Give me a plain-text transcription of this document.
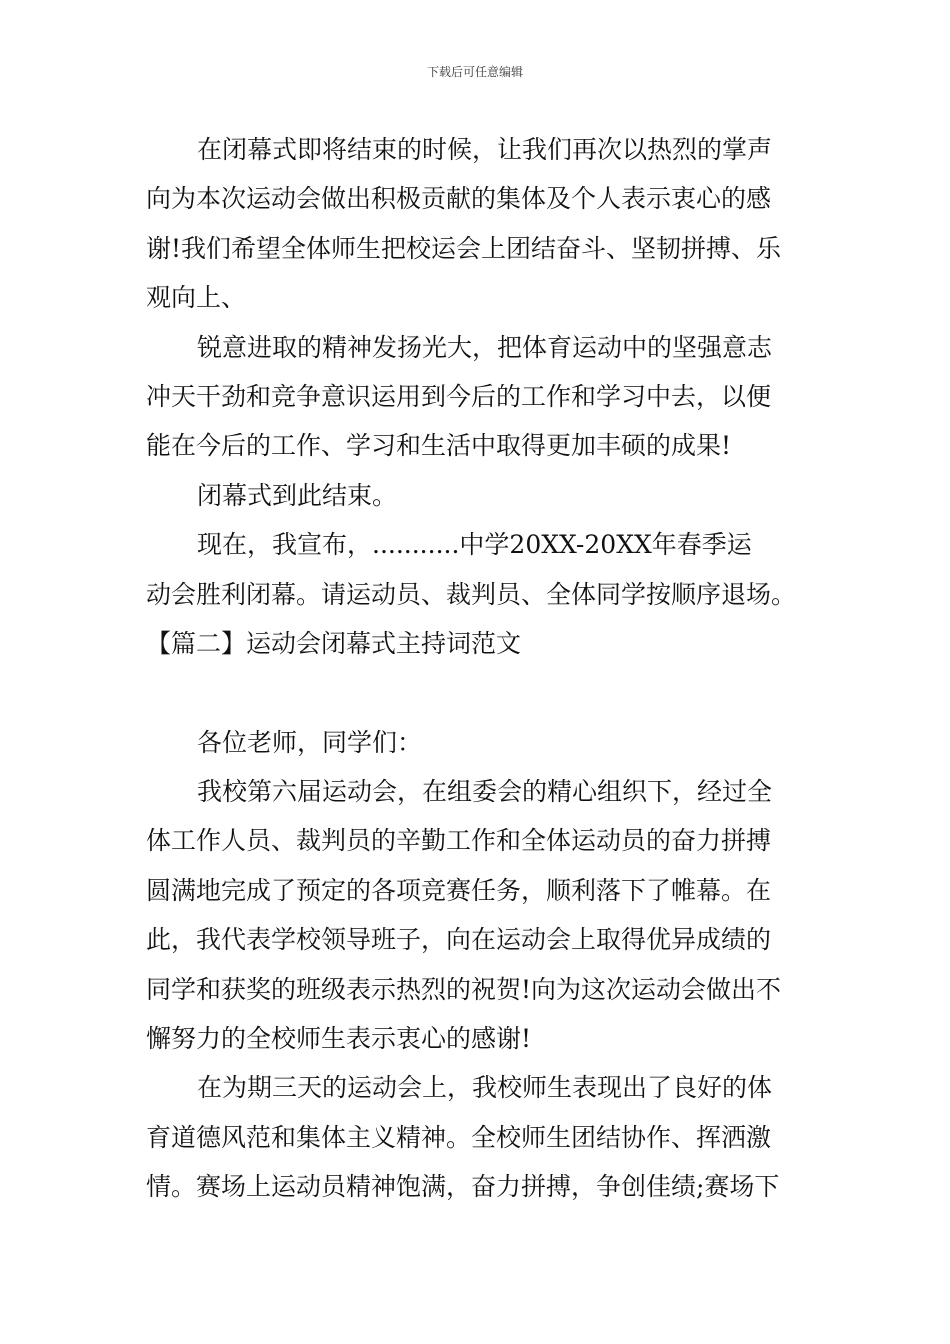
下载后可任意编辑
在闭幕式即将结束的时候，让我们再次以热烈的掌声
向为本次运动会做出积极贡献的集体及个人表示衷心的感
谢!我们希望全体师生把校运会上团结奋斗、坚韧拼搏、乐
观向上、
锐意进取的精神发扬光大，把体育运动中的坚强意志
冲天干劲和竞争意识运用到今后的工作和学习中去，以便
能在今后的工作、学习和生活中取得更加丰硕的成果!
闭幕式到此结束。
现在，我宣布，...........中学20XX-20XX年春季运
动会胜利闭幕。请运动员、裁判员、全体同学按顺序退场。
【篇二】运动会闭幕式主持词范文
各位老师，同学们：
我校第六届运动会，在组委会的精心组织下，经过全
体工作人员、裁判员的辛勤工作和全体运动员的奋力拼搏
圆满地完成了预定的各项竞赛任务，顺利落下了帷幕。在
此，我代表学校领导班子，向在运动会上取得优异成绩的
同学和获奖的班级表示热烈的祝贺!向为这次运动会做出不
懈努力的全校师生表示衷心的感谢!
在为期三天的运动会上，我校师生表现出了良好的体
育道德风范和集体主义精神。全校师生团结协作、挥洒激
情。赛场上运动员精神饱满，奋力拼搏，争创佳绩;赛场下
